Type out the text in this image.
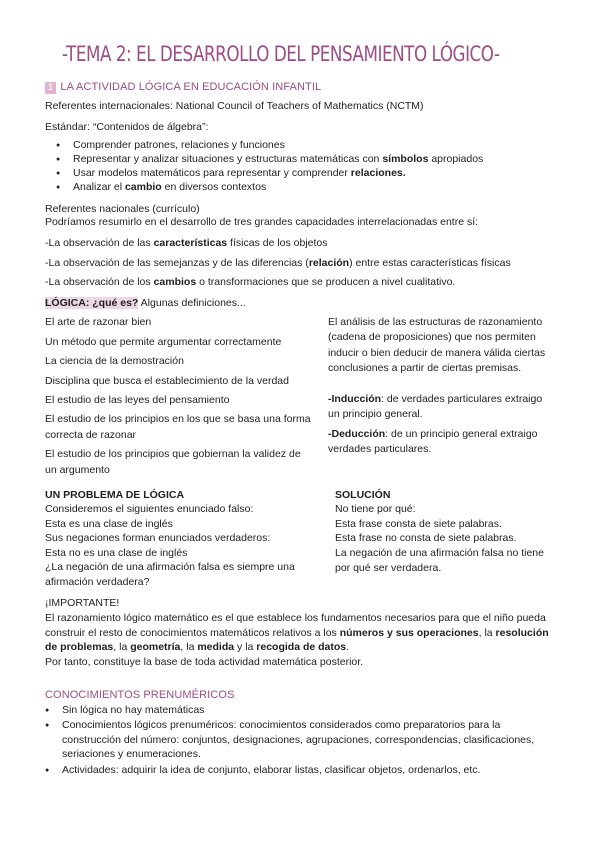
-TEMA 2: EL DESARROLLO DEL PENSAMIENTO LÓGICO-
1 LA ACTIVIDAD LÓGICA EN EDUCACIÓN INFANTIL
Referentes internacionales: National Council of Teachers of Mathematics (NCTM)
Estándar: “Contenidos de álgebra”:
● Comprender patrones, relaciones y funciones
● Representar y analizar situaciones y estructuras matemáticas con símbolos apropiados
● Usar modelos matemáticos para representar y comprender relaciones.
● Analizar el cambio en diversos contextos
Referentes nacionales (currículo)
Podríamos resumirlo en el desarrollo de tres grandes capacidades interrelacionadas entre sí:
-La observación de las características físicas de los objetos
-La observación de las semejanzas y de las diferencias (relación) entre estas características físicas
-La observación de los cambios o transformaciones que se producen a nivel cualitativo.
LÓGICA: ¿qué es? Algunas definiciones...
El arte de razonar bien
Un método que permite argumentar correctamente
La ciencia de la demostración
Disciplina que busca el establecimiento de la verdad
El estudio de las leyes del pensamiento
El estudio de los principios en los que se basa una forma correcta de razonar
El estudio de los principios que gobiernan la validez de un argumento
El análisis de las estructuras de razonamiento (cadena de proposiciones) que nos permiten inducir o bien deducir de manera válida ciertas conclusiones a partir de ciertas premisas.
-Inducción: de verdades particulares extraigo un principio general.
-Deducción: de un principio general extraigo verdades particulares.
UN PROBLEMA DE LÓGICA
Consideremos el siguientes enunciado falso:
Esta es una clase de inglés
Sus negaciones forman enunciados verdaderos:
Esta no es una clase de inglés
¿La negación de una afirmación falsa es siempre una afirmación verdadera?
SOLUCIÓN
No tiene por qué:
Esta frase consta de siete palabras.
Esta frase no consta de siete palabras.
La negación de una afirmación falsa no tiene por qué ser verdadera.
¡IMPORTANTE!
El razonamiento lógico matemático es el que establece los fundamentos necesarios para que el niño pueda construir el resto de conocimientos matemáticos relativos a los números y sus operaciones, la resolución de problemas, la geometría, la medida y la recogida de datos.
Por tanto, constituye la base de toda actividad matemática posterior.
CONOCIMIENTOS PRENUMÉRICOS
● Sin lógica no hay matemáticas
● Conocimientos lógicos prenuméricos: conocimientos considerados como preparatorios para la construcción del número: conjuntos, designaciones, agrupaciones, correspondencias, clasificaciones, seriaciones y enumeraciones.
● Actividades: adquirir la idea de conjunto, elaborar listas, clasificar objetos, ordenarlos, etc.
